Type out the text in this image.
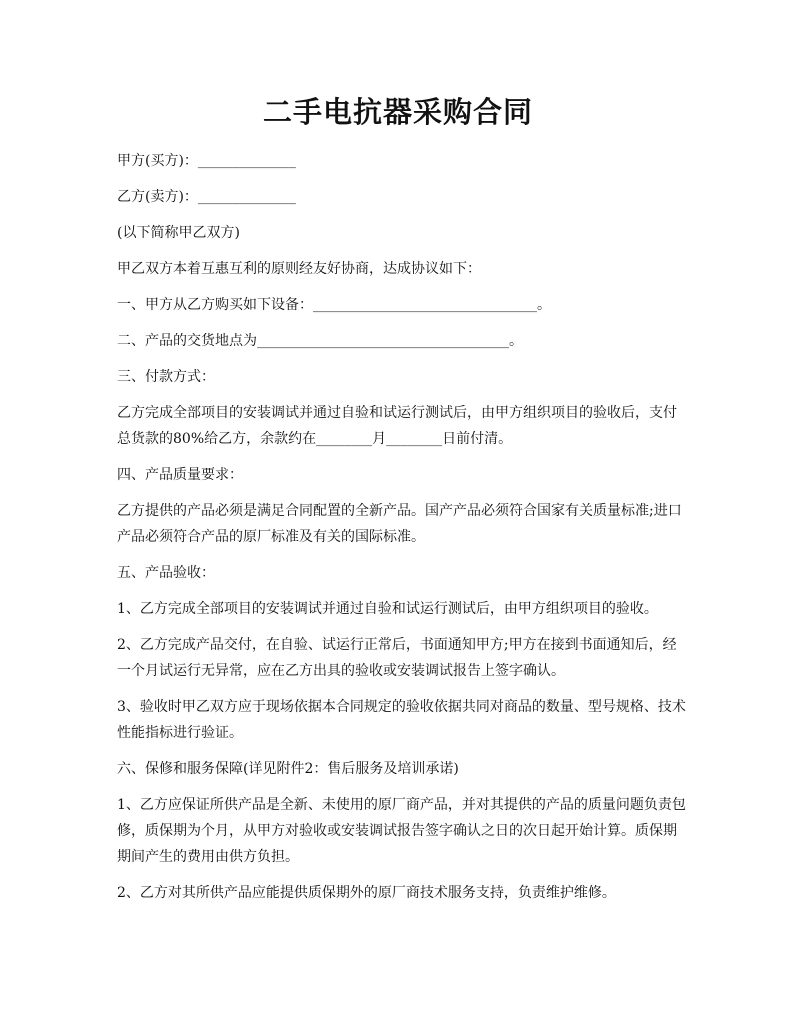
二手电抗器采购合同

甲方(买方)：______________

乙方(卖方)：______________

(以下简称甲乙双方)

甲乙双方本着互惠互利的原则经友好协商，达成协议如下：

一、甲方从乙方购买如下设备：________________________________。

二、产品的交货地点为____________________________________。

三、付款方式：

乙方完成全部项目的安装调试并通过自验和试运行测试后，由甲方组织项目的验收后，支付总货款的80%给乙方，余款约在________月________日前付清。

四、产品质量要求：

乙方提供的产品必须是满足合同配置的全新产品。国产产品必须符合国家有关质量标准;进口产品必须符合产品的原厂标准及有关的国际标准。

五、产品验收：

1、乙方完成全部项目的安装调试并通过自验和试运行测试后，由甲方组织项目的验收。

2、乙方完成产品交付，在自验、试运行正常后，书面通知甲方;甲方在接到书面通知后，经一个月试运行无异常，应在乙方出具的验收或安装调试报告上签字确认。

3、验收时甲乙双方应于现场依据本合同规定的验收依据共同对商品的数量、型号规格、技术性能指标进行验证。

六、保修和服务保障(详见附件2：售后服务及培训承诺)

1、乙方应保证所供产品是全新、未使用的原厂商产品，并对其提供的产品的质量问题负责包修，质保期为个月，从甲方对验收或安装调试报告签字确认之日的次日起开始计算。质保期期间产生的费用由供方负担。

2、乙方对其所供产品应能提供质保期外的原厂商技术服务支持，负责维护维修。
